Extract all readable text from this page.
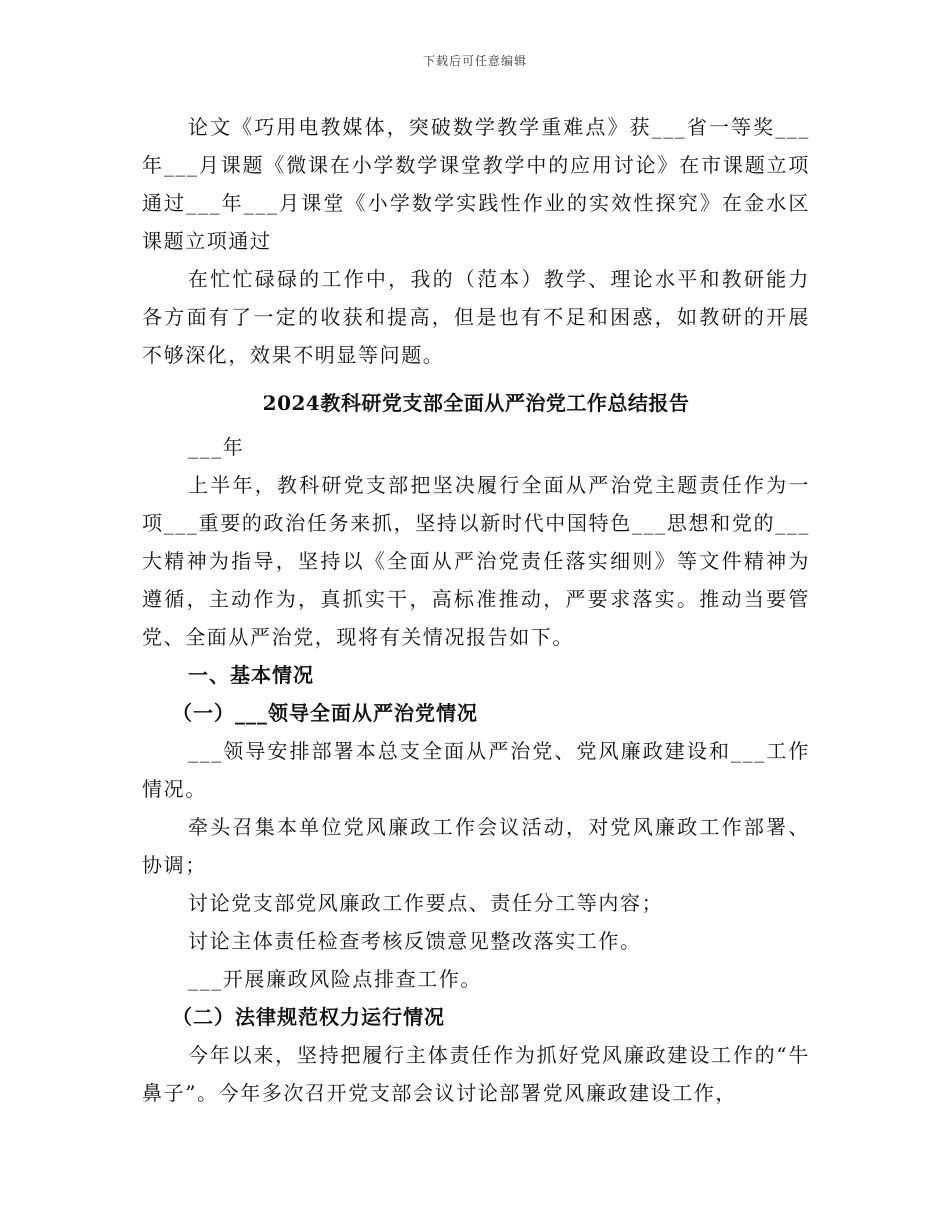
下载后可任意编辑

论文《巧用电教媒体，突破数学教学重难点》获___省一等奖___年___月课题《微课在小学数学课堂教学中的应用讨论》在市课题立项通过___年___月课堂《小学数学实践性作业的实效性探究》在金水区课题立项通过

在忙忙碌碌的工作中，我的（范本）教学、理论水平和教研能力各方面有了一定的收获和提高，但是也有不足和困惑，如教研的开展不够深化，效果不明显等问题。

2024教科研党支部全面从严治党工作总结报告

___年

上半年，教科研党支部把坚决履行全面从严治党主题责任作为一项___重要的政治任务来抓，坚持以新时代中国特色___思想和党的___大精神为指导，坚持以《全面从严治党责任落实细则》等文件精神为遵循，主动作为，真抓实干，高标准推动，严要求落实。推动当要管党、全面从严治党，现将有关情况报告如下。

一、基本情况
（一）___领导全面从严治党情况

___领导安排部署本总支全面从严治党、党风廉政建设和___工作情况。

牵头召集本单位党风廉政工作会议活动，对党风廉政工作部署、协调；

讨论党支部党风廉政工作要点、责任分工等内容；

讨论主体责任检查考核反馈意见整改落实工作。

___开展廉政风险点排查工作。

（二）法律规范权力运行情况

今年以来，坚持把履行主体责任作为抓好党风廉政建设工作的“牛鼻子”。今年多次召开党支部会议讨论部署党风廉政建设工作，
